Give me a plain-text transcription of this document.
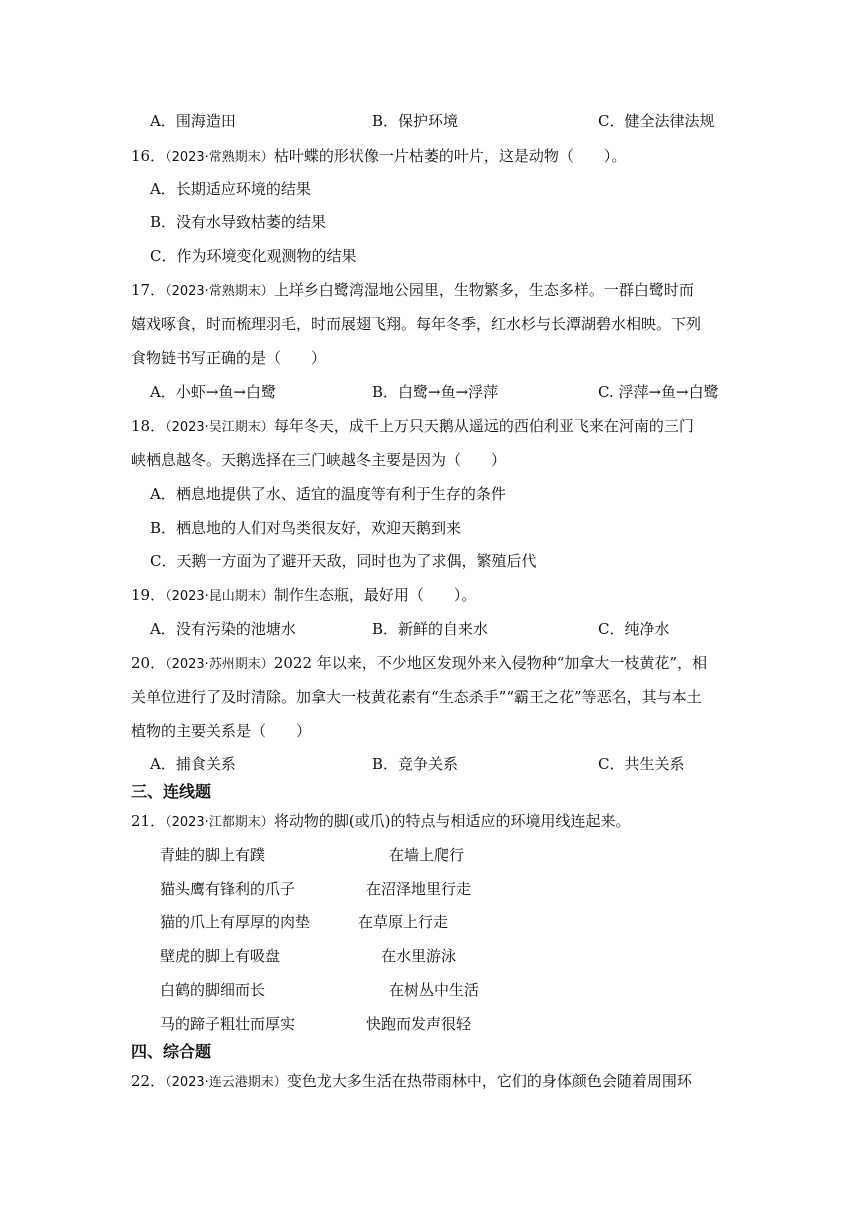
A．围海造田	B．保护环境	C．健全法律法规
16．（2023·常熟期末）枯叶蝶的形状像一片枯萎的叶片，这是动物（　　）。
A．长期适应环境的结果
B．没有水导致枯萎的结果
C．作为环境变化观测物的结果
17．（2023·常熟期末）上垟乡白鹭湾湿地公园里，生物繁多，生态多样。一群白鹭时而
嬉戏啄食，时而梳理羽毛，时而展翅飞翔。每年冬季，红水杉与长潭湖碧水相映。下列
食物链书写正确的是（　　）
A．小虾→鱼→白鹭	B．白鹭→鱼→浮萍	C. 浮萍→鱼→白鹭
18．（2023·吴江期末）每年冬天，成千上万只天鹅从遥远的西伯利亚飞来在河南的三门
峡栖息越冬。天鹅选择在三门峡越冬主要是因为（　　）
A．栖息地提供了水、适宜的温度等有利于生存的条件
B．栖息地的人们对鸟类很友好，欢迎天鹅到来
C．天鹅一方面为了避开天敌，同时也为了求偶，繁殖后代
19．（2023·昆山期末）制作生态瓶，最好用（　　）。
A．没有污染的池塘水	B．新鲜的自来水	C．纯净水
20．（2023·苏州期末）2022 年以来，不少地区发现外来入侵物种“加拿大一枝黄花”，相
关单位进行了及时清除。加拿大一枝黄花素有“生态杀手”“霸王之花”等恶名，其与本土
植物的主要关系是（　　）
A．捕食关系	B．竞争关系	C．共生关系
三、连线题
21．（2023·江都期末）将动物的脚(或爪)的特点与相适应的环境用线连起来。
青蛙的脚上有蹼	在墙上爬行
猫头鹰有锋利的爪子	在沼泽地里行走
猫的爪上有厚厚的肉垫	在草原上行走
壁虎的脚上有吸盘	在水里游泳
白鹤的脚细而长	在树丛中生活
马的蹄子粗壮而厚实	快跑而发声很轻
四、综合题
22．（2023·连云港期末）变色龙大多生活在热带雨林中，它们的身体颜色会随着周围环
